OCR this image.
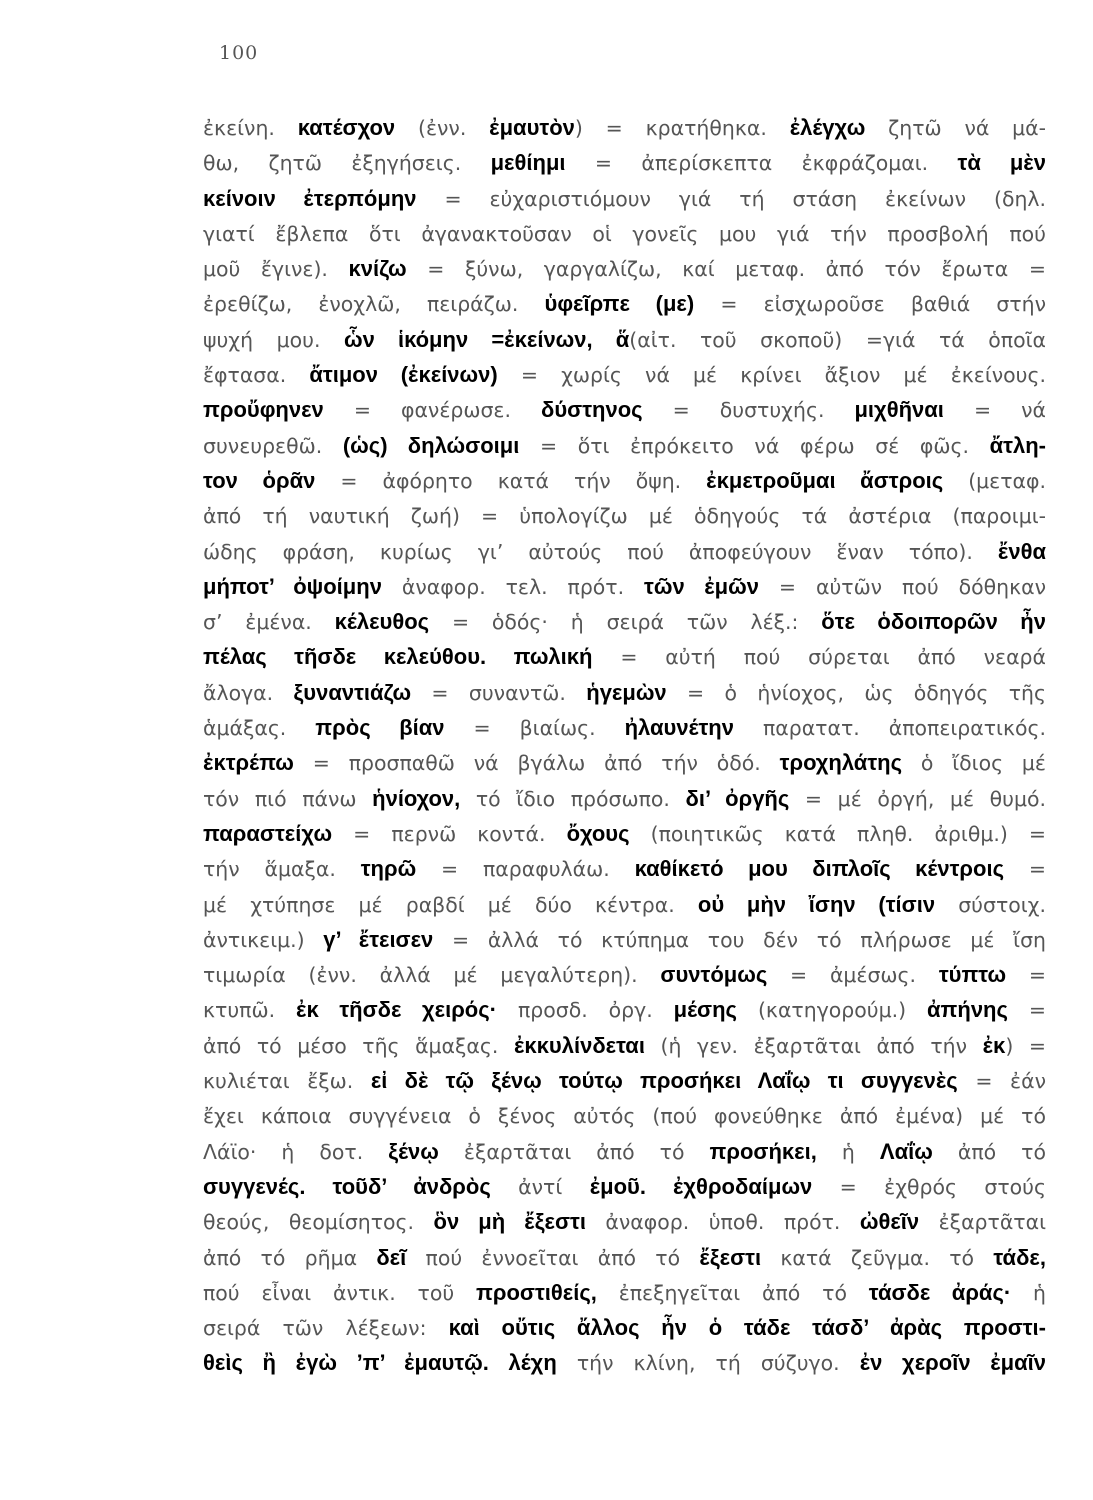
100
ἐκείνη. κατέσχον (ἐνν. ἐμαυτὸν) = κρατήθηκα. ἐλέγχω ζητῶ νά μά-
θω, ζητῶ ἐξηγήσεις. μεθίημι = ἀπερίσκεπτα ἐκφράζομαι. τὰ μὲν
κείνοιν ἐτερπόμην = εὐχαριστιόμουν γιά τή στάση ἐκείνων (δηλ.
γιατί ἔβλεπα ὅτι ἀγανακτοῦσαν οἱ γονεῖς μου γιά τήν προσβολή πού
μοῦ ἔγινε). κνίζω = ξύνω, γαργαλίζω, καί μεταφ. ἀπό τόν ἔρωτα =
ἐρεθίζω, ἐνοχλῶ, πειράζω. ὑφεῖρπε (με) = εἰσχωροῦσε βαθιά στήν
ψυχή μου. ὧν ἱκόμην =ἐκείνων, ἅ(αἰτ. τοῦ σκοποῦ) =γιά τά ὁποῖα
ἔφτασα. ἄτιμον (ἐκείνων) = χωρίς νά μέ κρίνει ἄξιον μέ ἐκείνους.
προὔφηνεν = φανέρωσε. δύστηνος = δυστυχής. μιχθῆναι = νά
συνευρεθῶ. (ὡς) δηλώσοιμι = ὅτι ἐπρόκειτο νά φέρω σέ φῶς. ἄτλη-
τον ὁρᾶν = ἀφόρητο κατά τήν ὄψη. ἐκμετροῦμαι ἄστροις (μεταφ.
ἀπό τή ναυτική ζωή) = ὑπολογίζω μέ ὁδηγούς τά ἀστέρια (παροιμι-
ώδης φράση, κυρίως γι’ αὐτούς πού ἀποφεύγουν ἕναν τόπο). ἔνθα
μήποτ’ ὀψοίμην ἀναφορ. τελ. πρότ. τῶν ἐμῶν = αὐτῶν πού δόθηκαν
σ’ ἐμένα. κέλευθος = ὁδός· ἡ σειρά τῶν λέξ.: ὅτε ὁδοιπορῶν ἦν
πέλας τῆσδε κελεύθου. πωλική = αὐτή πού σύρεται ἀπό νεαρά
ἄλογα. ξυναντιάζω = συναντῶ. ἡγεμὼν = ὁ ἡνίοχος, ὡς ὁδηγός τῆς
ἁμάξας. πρὸς βίαν = βιαίως. ἠλαυνέτην παρατατ. ἀποπειρατικός.
ἐκτρέπω = προσπαθῶ νά βγάλω ἀπό τήν ὁδό. τροχηλάτης ὁ ἴδιος μέ
τόν πιό πάνω ἡνίοχον, τό ἴδιο πρόσωπο. δι’ ὀργῆς = μέ ὀργή, μέ θυμό.
παραστείχω = περνῶ κοντά. ὄχους (ποιητικῶς κατά πληθ. ἀριθμ.) =
τήν ἅμαξα. τηρῶ = παραφυλάω. καθίκετό μου διπλοῖς κέντροις =
μέ χτύπησε μέ ραβδί μέ δύο κέντρα. οὐ μὴν ἴσην (τίσιν σύστοιχ.
ἀντικειμ.) γ’ ἔτεισεν = ἀλλά τό κτύπημα του δέν τό πλήρωσε μέ ἴση
τιμωρία (ἐνν. ἀλλά μέ μεγαλύτερη). συντόμως = ἀμέσως. τύπτω =
κτυπῶ. ἐκ τῆσδε χειρός· προσδ. ὀργ. μέσης (κατηγορούμ.) ἀπήνης =
ἀπό τό μέσο τῆς ἅμαξας. ἐκκυλίνδεται (ἡ γεν. ἐξαρτᾶται ἀπό τήν ἐκ) =
κυλιέται ἔξω. εἰ δὲ τῷ ξένῳ τούτῳ προσήκει Λαΐῳ τι συγγενὲς = ἐάν
ἔχει κάποια συγγένεια ὁ ξένος αὐτός (πού φονεύθηκε ἀπό ἐμένα) μέ τό
Λάϊο· ἡ δοτ. ξένῳ ἐξαρτᾶται ἀπό τό προσήκει, ἡ Λαΐῳ ἀπό τό
συγγενές. τοῦδ’ ἀνδρὸς ἀντί ἐμοῦ. ἐχθροδαίμων = ἐχθρός στούς
θεούς, θεομίσητος. ὃν μὴ ἔξεστι ἀναφορ. ὑποθ. πρότ. ὠθεῖν ἐξαρτᾶται
ἀπό τό ρῆμα δεῖ πού ἐννοεῖται ἀπό τό ἔξεστι κατά ζεῦγμα. τό τάδε,
πού εἶναι ἀντικ. τοῦ προστιθείς, ἐπεξηγεῖται ἀπό τό τάσδε ἀράς· ἡ
σειρά τῶν λέξεων: καὶ οὔτις ἄλλος ἦν ὁ τάδε τάσδ’ ἀρὰς προστι-
θεὶς ἢ ἐγὼ ’π’ ἐμαυτῷ. λέχη τήν κλίνη, τή σύζυγο. ἐν χεροῖν ἐμαῖν
